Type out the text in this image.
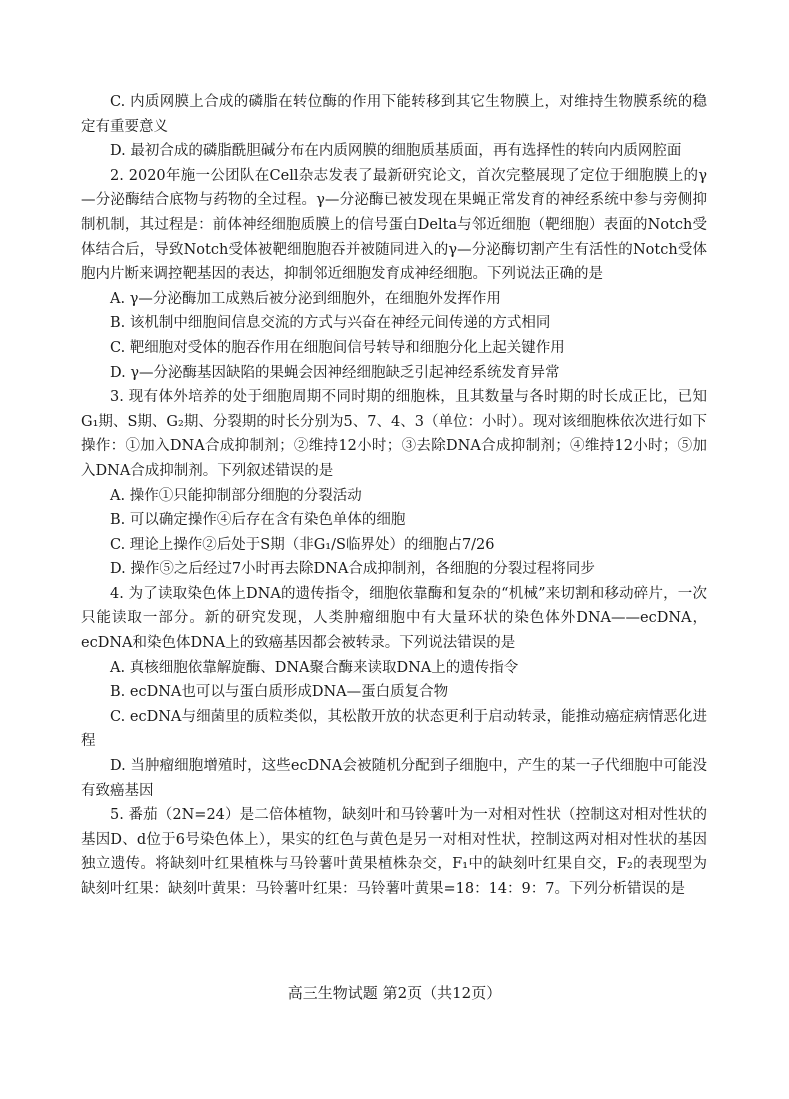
C. 内质网膜上合成的磷脂在转位酶的作用下能转移到其它生物膜上，对维持生物膜系统的稳定有重要意义

D. 最初合成的磷脂酰胆碱分布在内质网膜的细胞质基质面，再有选择性的转向内质网腔面

2. 2020年施一公团队在Cell杂志发表了最新研究论文，首次完整展现了定位于细胞膜上的γ—分泌酶结合底物与药物的全过程。γ—分泌酶已被发现在果蝇正常发育的神经系统中参与旁侧抑制机制，其过程是：前体神经细胞质膜上的信号蛋白Delta与邻近细胞（靶细胞）表面的Notch受体结合后，导致Notch受体被靶细胞胞吞并被随同进入的γ—分泌酶切割产生有活性的Notch受体胞内片断来调控靶基因的表达，抑制邻近细胞发育成神经细胞。下列说法正确的是

A. γ—分泌酶加工成熟后被分泌到细胞外，在细胞外发挥作用

B. 该机制中细胞间信息交流的方式与兴奋在神经元间传递的方式相同

C. 靶细胞对受体的胞吞作用在细胞间信号转导和细胞分化上起关键作用

D. γ—分泌酶基因缺陷的果蝇会因神经细胞缺乏引起神经系统发育异常

3. 现有体外培养的处于细胞周期不同时期的细胞株，且其数量与各时期的时长成正比，已知G₁期、S期、G₂期、分裂期的时长分别为5、7、4、3（单位：小时）。现对该细胞株依次进行如下操作：①加入DNA合成抑制剂；②维持12小时；③去除DNA合成抑制剂；④维持12小时；⑤加入DNA合成抑制剂。下列叙述错误的是

A. 操作①只能抑制部分细胞的分裂活动

B. 可以确定操作④后存在含有染色单体的细胞

C. 理论上操作②后处于S期（非G₁/S临界处）的细胞占7/26

D. 操作⑤之后经过7小时再去除DNA合成抑制剂，各细胞的分裂过程将同步

4. 为了读取染色体上DNA的遗传指令，细胞依靠酶和复杂的“机械”来切割和移动碎片，一次只能读取一部分。新的研究发现，人类肿瘤细胞中有大量环状的染色体外DNA——ecDNA，ecDNA和染色体DNA上的致癌基因都会被转录。下列说法错误的是

A. 真核细胞依靠解旋酶、DNA聚合酶来读取DNA上的遗传指令

B. ecDNA也可以与蛋白质形成DNA—蛋白质复合物

C. ecDNA与细菌里的质粒类似，其松散开放的状态更利于启动转录，能推动癌症病情恶化进程

D. 当肿瘤细胞增殖时，这些ecDNA会被随机分配到子细胞中，产生的某一子代细胞中可能没有致癌基因

5. 番茄（2N=24）是二倍体植物，缺刻叶和马铃薯叶为一对相对性状（控制这对相对性状的基因D、d位于6号染色体上），果实的红色与黄色是另一对相对性状，控制这两对相对性状的基因独立遗传。将缺刻叶红果植株与马铃薯叶黄果植株杂交，F₁中的缺刻叶红果自交，F₂的表现型为缺刻叶红果：缺刻叶黄果：马铃薯叶红果：马铃薯叶黄果=18：14：9：7。下列分析错误的是

高三生物试题 第2页（共12页）
